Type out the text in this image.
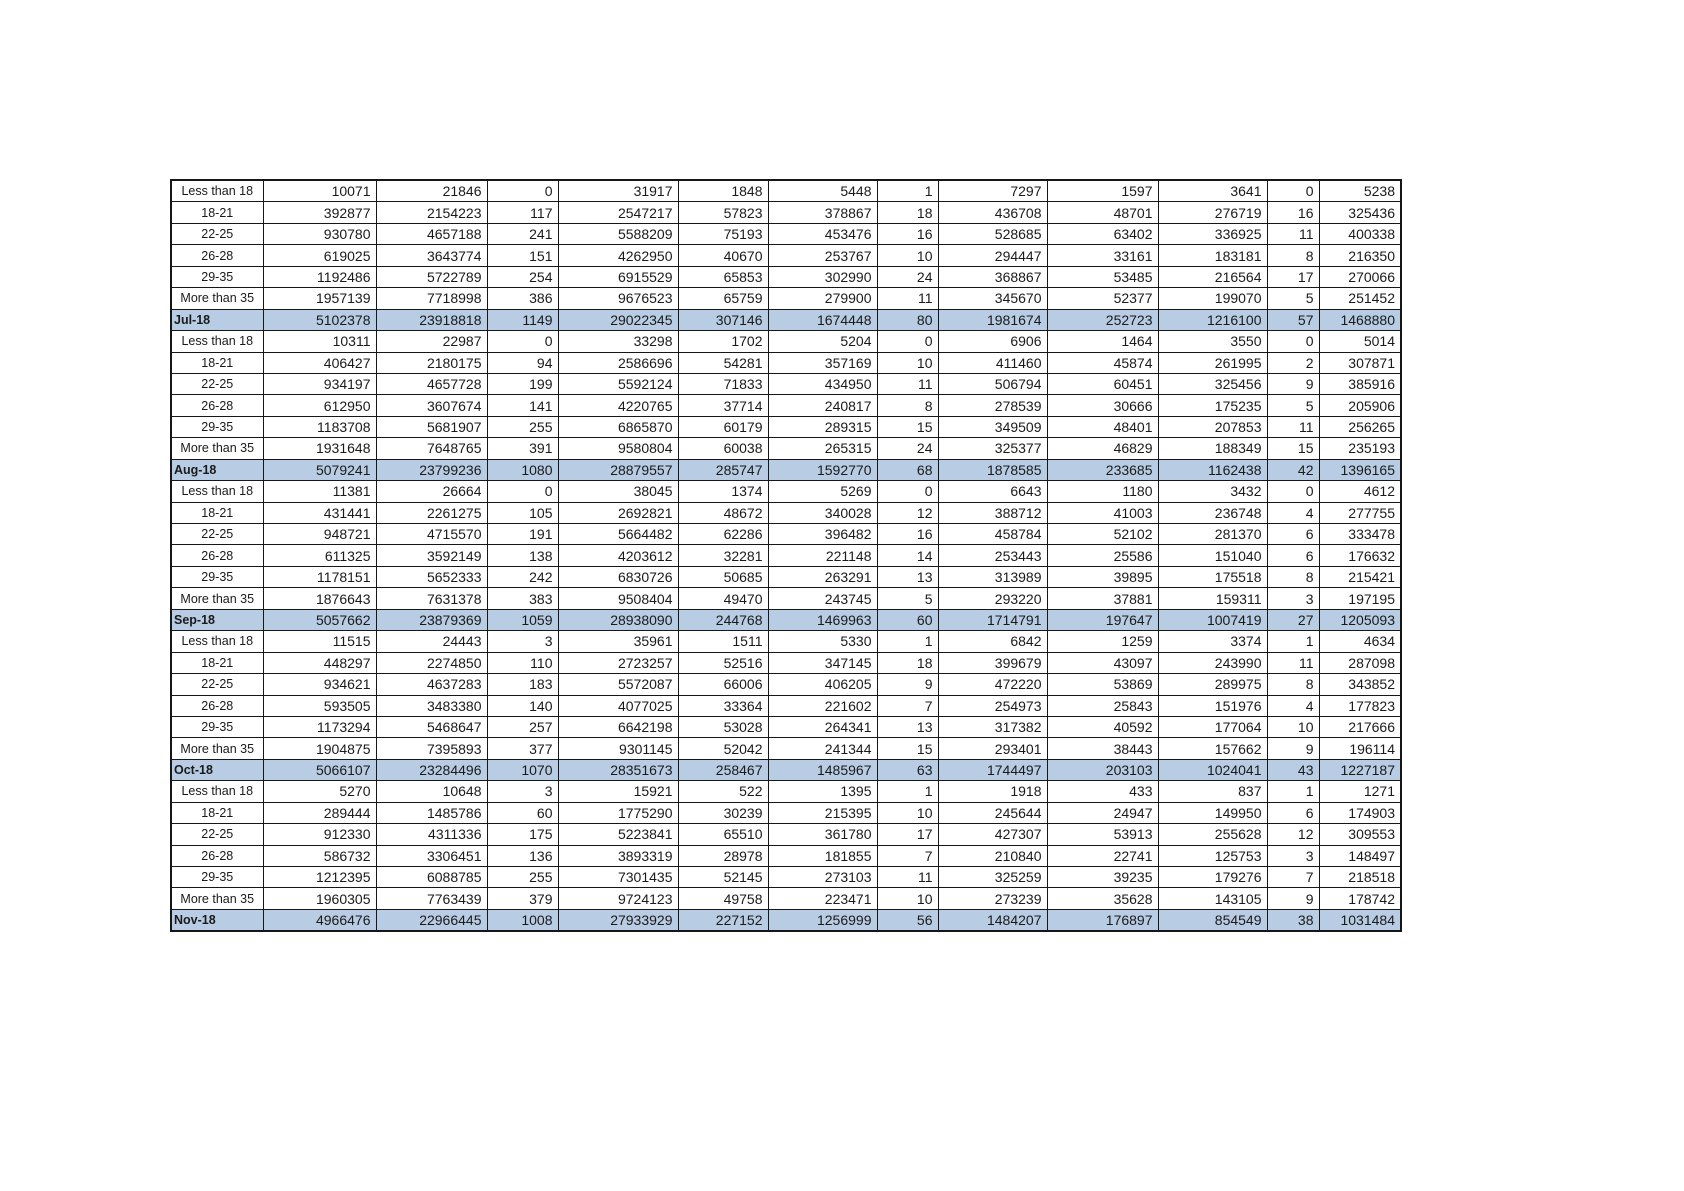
Less than 18	10071	21846	0	31917	1848	5448	1	7297	1597	3641	0	5238
18-21	392877	2154223	117	2547217	57823	378867	18	436708	48701	276719	16	325436
22-25	930780	4657188	241	5588209	75193	453476	16	528685	63402	336925	11	400338
26-28	619025	3643774	151	4262950	40670	253767	10	294447	33161	183181	8	216350
29-35	1192486	5722789	254	6915529	65853	302990	24	368867	53485	216564	17	270066
More than 35	1957139	7718998	386	9676523	65759	279900	11	345670	52377	199070	5	251452
Jul-18	5102378	23918818	1149	29022345	307146	1674448	80	1981674	252723	1216100	57	1468880
Less than 18	10311	22987	0	33298	1702	5204	0	6906	1464	3550	0	5014
18-21	406427	2180175	94	2586696	54281	357169	10	411460	45874	261995	2	307871
22-25	934197	4657728	199	5592124	71833	434950	11	506794	60451	325456	9	385916
26-28	612950	3607674	141	4220765	37714	240817	8	278539	30666	175235	5	205906
29-35	1183708	5681907	255	6865870	60179	289315	15	349509	48401	207853	11	256265
More than 35	1931648	7648765	391	9580804	60038	265315	24	325377	46829	188349	15	235193
Aug-18	5079241	23799236	1080	28879557	285747	1592770	68	1878585	233685	1162438	42	1396165
Less than 18	11381	26664	0	38045	1374	5269	0	6643	1180	3432	0	4612
18-21	431441	2261275	105	2692821	48672	340028	12	388712	41003	236748	4	277755
22-25	948721	4715570	191	5664482	62286	396482	16	458784	52102	281370	6	333478
26-28	611325	3592149	138	4203612	32281	221148	14	253443	25586	151040	6	176632
29-35	1178151	5652333	242	6830726	50685	263291	13	313989	39895	175518	8	215421
More than 35	1876643	7631378	383	9508404	49470	243745	5	293220	37881	159311	3	197195
Sep-18	5057662	23879369	1059	28938090	244768	1469963	60	1714791	197647	1007419	27	1205093
Less than 18	11515	24443	3	35961	1511	5330	1	6842	1259	3374	1	4634
18-21	448297	2274850	110	2723257	52516	347145	18	399679	43097	243990	11	287098
22-25	934621	4637283	183	5572087	66006	406205	9	472220	53869	289975	8	343852
26-28	593505	3483380	140	4077025	33364	221602	7	254973	25843	151976	4	177823
29-35	1173294	5468647	257	6642198	53028	264341	13	317382	40592	177064	10	217666
More than 35	1904875	7395893	377	9301145	52042	241344	15	293401	38443	157662	9	196114
Oct-18	5066107	23284496	1070	28351673	258467	1485967	63	1744497	203103	1024041	43	1227187
Less than 18	5270	10648	3	15921	522	1395	1	1918	433	837	1	1271
18-21	289444	1485786	60	1775290	30239	215395	10	245644	24947	149950	6	174903
22-25	912330	4311336	175	5223841	65510	361780	17	427307	53913	255628	12	309553
26-28	586732	3306451	136	3893319	28978	181855	7	210840	22741	125753	3	148497
29-35	1212395	6088785	255	7301435	52145	273103	11	325259	39235	179276	7	218518
More than 35	1960305	7763439	379	9724123	49758	223471	10	273239	35628	143105	9	178742
Nov-18	4966476	22966445	1008	27933929	227152	1256999	56	1484207	176897	854549	38	1031484
